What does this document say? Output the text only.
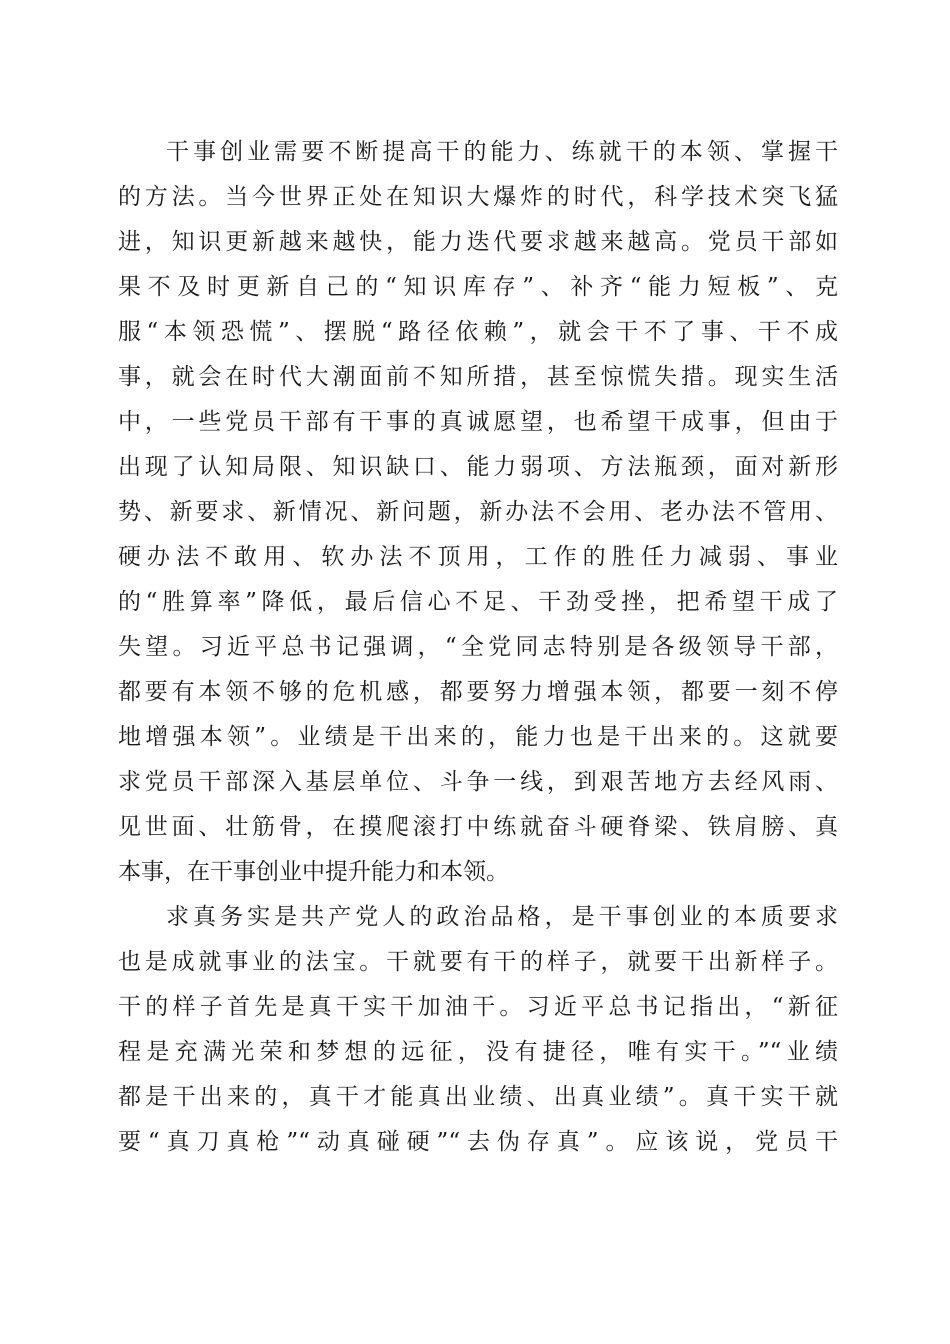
干事创业需要不断提高干的能力、练就干的本领、掌握干
的方法。当今世界正处在知识大爆炸的时代，科学技术突飞猛
进，知识更新越来越快，能力迭代要求越来越高。党员干部如
果不及时更新自己的“知识库存”、补齐“能力短板”、克
服“本领恐慌”、摆脱“路径依赖”，就会干不了事、干不成
事，就会在时代大潮面前不知所措，甚至惊慌失措。现实生活
中，一些党员干部有干事的真诚愿望，也希望干成事，但由于
出现了认知局限、知识缺口、能力弱项、方法瓶颈，面对新形
势、新要求、新情况、新问题，新办法不会用、老办法不管用、
硬办法不敢用、软办法不顶用，工作的胜任力减弱、事业
的“胜算率”降低，最后信心不足、干劲受挫，把希望干成了
失望。习近平总书记强调，“全党同志特别是各级领导干部，
都要有本领不够的危机感，都要努力增强本领，都要一刻不停
地增强本领”。业绩是干出来的，能力也是干出来的。这就要
求党员干部深入基层单位、斗争一线，到艰苦地方去经风雨、
见世面、壮筋骨，在摸爬滚打中练就奋斗硬脊梁、铁肩膀、真
本事，在干事创业中提升能力和本领。
求真务实是共产党人的政治品格，是干事创业的本质要求
也是成就事业的法宝。干就要有干的样子，就要干出新样子。
干的样子首先是真干实干加油干。习近平总书记指出，“新征
程是充满光荣和梦想的远征，没有捷径，唯有实干。”“业绩
都是干出来的，真干才能真出业绩、出真业绩”。真干实干就
要“真刀真枪”“动真碰硬”“去伪存真”。应该说，党员干
